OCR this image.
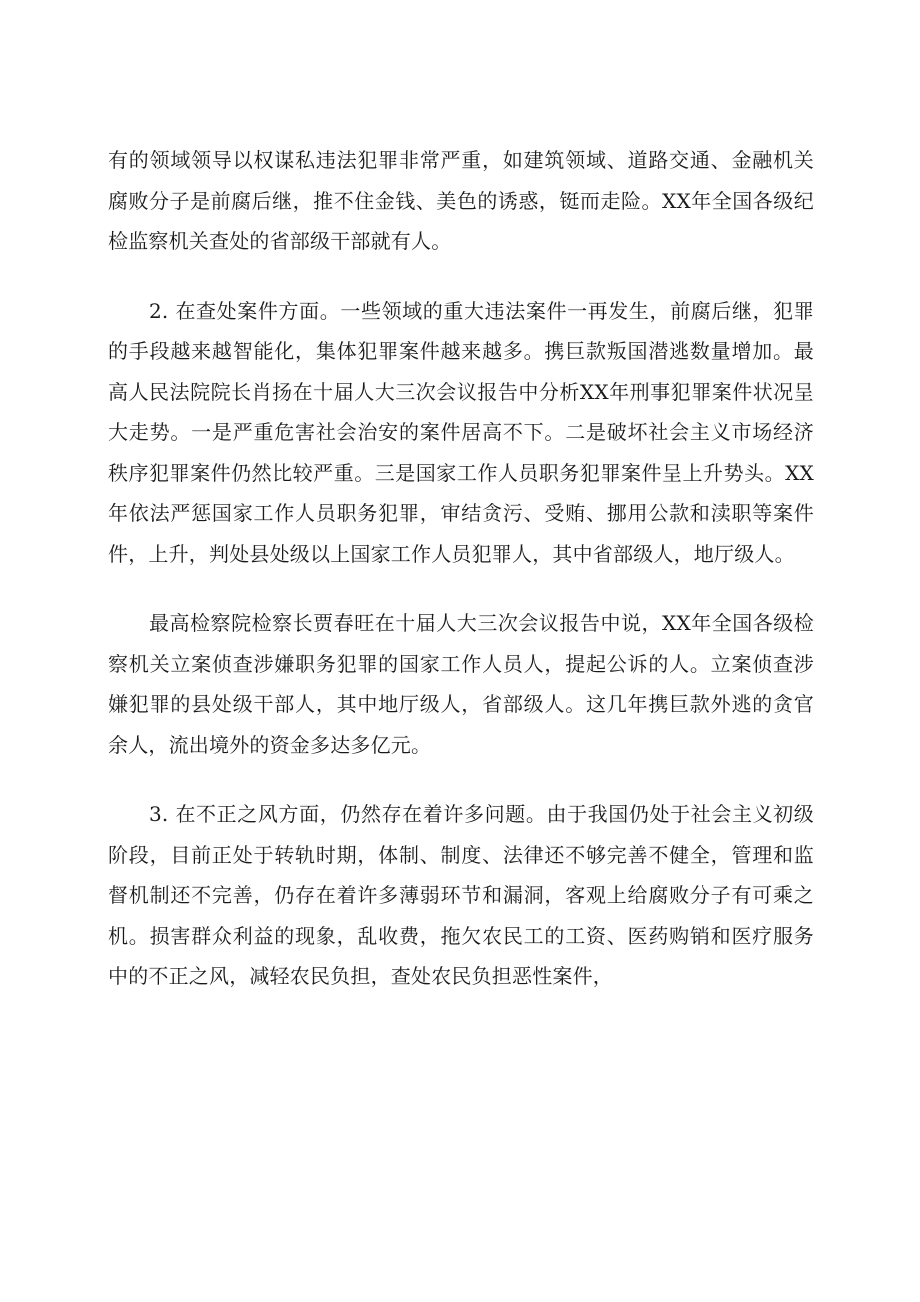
有的领域领导以权谋私违法犯罪非常严重，如建筑领域、道路交通、金融机关腐败分子是前腐后继，推不住金钱、美色的诱惑，铤而走险。XX年全国各级纪检监察机关查处的省部级干部就有人。

2. 在查处案件方面。一些领域的重大违法案件一再发生，前腐后继，犯罪的手段越来越智能化，集体犯罪案件越来越多。携巨款叛国潜逃数量增加。最高人民法院院长肖扬在十届人大三次会议报告中分析XX年刑事犯罪案件状况呈大走势。一是严重危害社会治安的案件居高不下。二是破坏社会主义市场经济秩序犯罪案件仍然比较严重。三是国家工作人员职务犯罪案件呈上升势头。XX年依法严惩国家工作人员职务犯罪，审结贪污、受贿、挪用公款和渎职等案件件，上升，判处县处级以上国家工作人员犯罪人，其中省部级人，地厅级人。

最高检察院检察长贾春旺在十届人大三次会议报告中说，XX年全国各级检察机关立案侦查涉嫌职务犯罪的国家工作人员人，提起公诉的人。立案侦查涉嫌犯罪的县处级干部人，其中地厅级人，省部级人。这几年携巨款外逃的贪官余人，流出境外的资金多达多亿元。

3. 在不正之风方面，仍然存在着许多问题。由于我国仍处于社会主义初级阶段，目前正处于转轨时期，体制、制度、法律还不够完善不健全，管理和监督机制还不完善，仍存在着许多薄弱环节和漏洞，客观上给腐败分子有可乘之机。损害群众利益的现象，乱收费，拖欠农民工的工资、医药购销和医疗服务中的不正之风，减轻农民负担，查处农民负担恶性案件，
